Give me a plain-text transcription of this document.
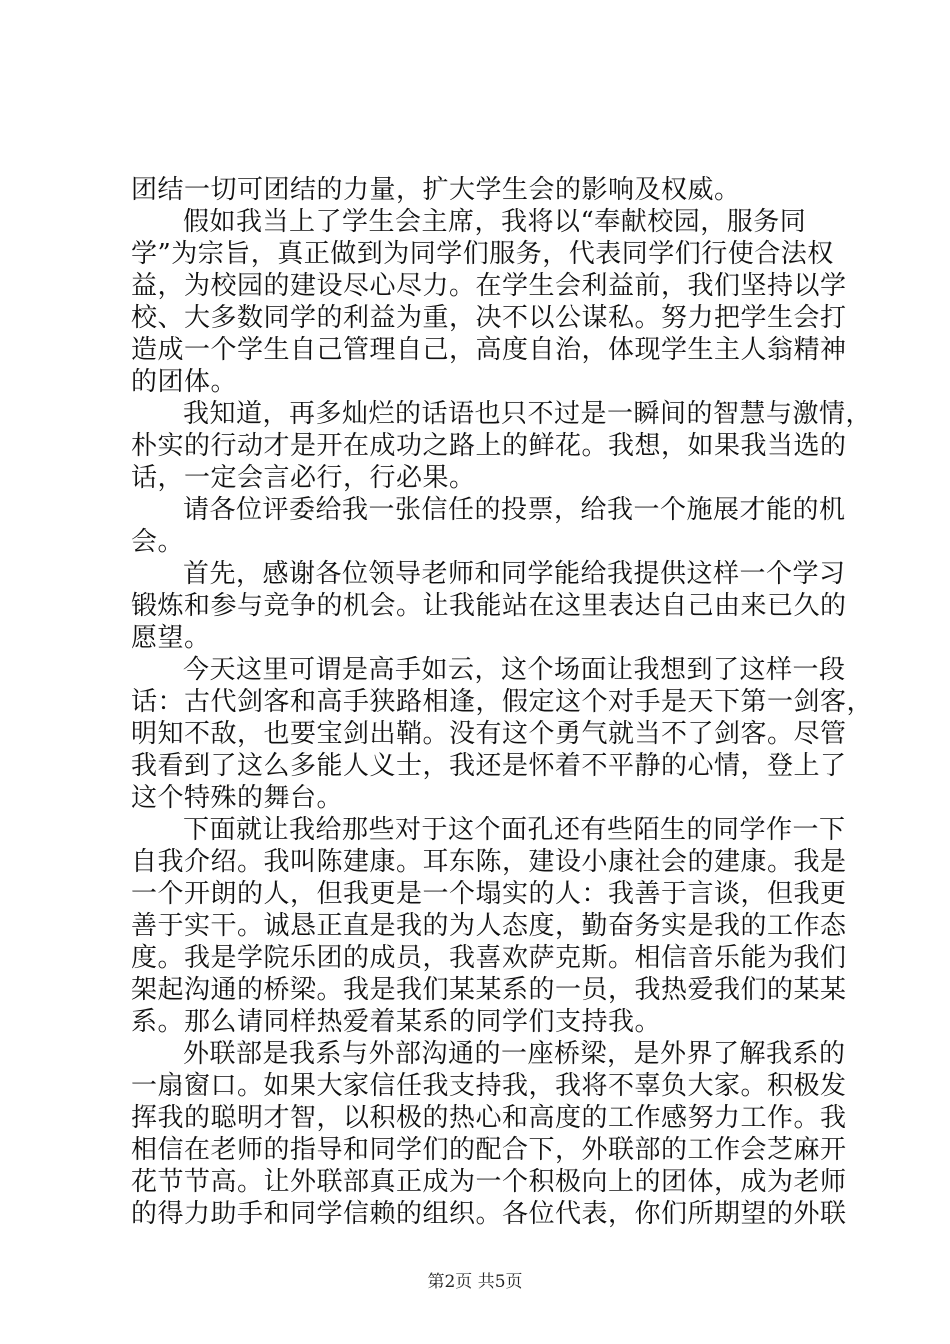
团结一切可团结的力量，扩大学生会的影响及权威。
假如我当上了学生会主席，我将以“奉献校园，服务同
学”为宗旨，真正做到为同学们服务，代表同学们行使合法权
益，为校园的建设尽心尽力。在学生会利益前，我们坚持以学
校、大多数同学的利益为重，决不以公谋私。努力把学生会打
造成一个学生自己管理自己，高度自治，体现学生主人翁精神
的团体。
我知道，再多灿烂的话语也只不过是一瞬间的智慧与激情，
朴实的行动才是开在成功之路上的鲜花。我想，如果我当选的
话，一定会言必行，行必果。
请各位评委给我一张信任的投票，给我一个施展才能的机
会。
首先，感谢各位领导老师和同学能给我提供这样一个学习
锻炼和参与竞争的机会。让我能站在这里表达自己由来已久的
愿望。
今天这里可谓是高手如云，这个场面让我想到了这样一段
话：古代剑客和高手狭路相逢，假定这个对手是天下第一剑客，
明知不敌，也要宝剑出鞘。没有这个勇气就当不了剑客。尽管
我看到了这么多能人义士，我还是怀着不平静的心情，登上了
这个特殊的舞台。
下面就让我给那些对于这个面孔还有些陌生的同学作一下
自我介绍。我叫陈建康。耳东陈，建设小康社会的建康。我是
一个开朗的人，但我更是一个塌实的人：我善于言谈，但我更
善于实干。诚恳正直是我的为人态度，勤奋务实是我的工作态
度。我是学院乐团的成员，我喜欢萨克斯。相信音乐能为我们
架起沟通的桥梁。我是我们某某系的一员，我热爱我们的某某
系。那么请同样热爱着某系的同学们支持我。
外联部是我系与外部沟通的一座桥梁，是外界了解我系的
一扇窗口。如果大家信任我支持我，我将不辜负大家。积极发
挥我的聪明才智，以积极的热心和高度的工作感努力工作。我
相信在老师的指导和同学们的配合下，外联部的工作会芝麻开
花节节高。让外联部真正成为一个积极向上的团体，成为老师
的得力助手和同学信赖的组织。各位代表，你们所期望的外联
第2页 共5页
